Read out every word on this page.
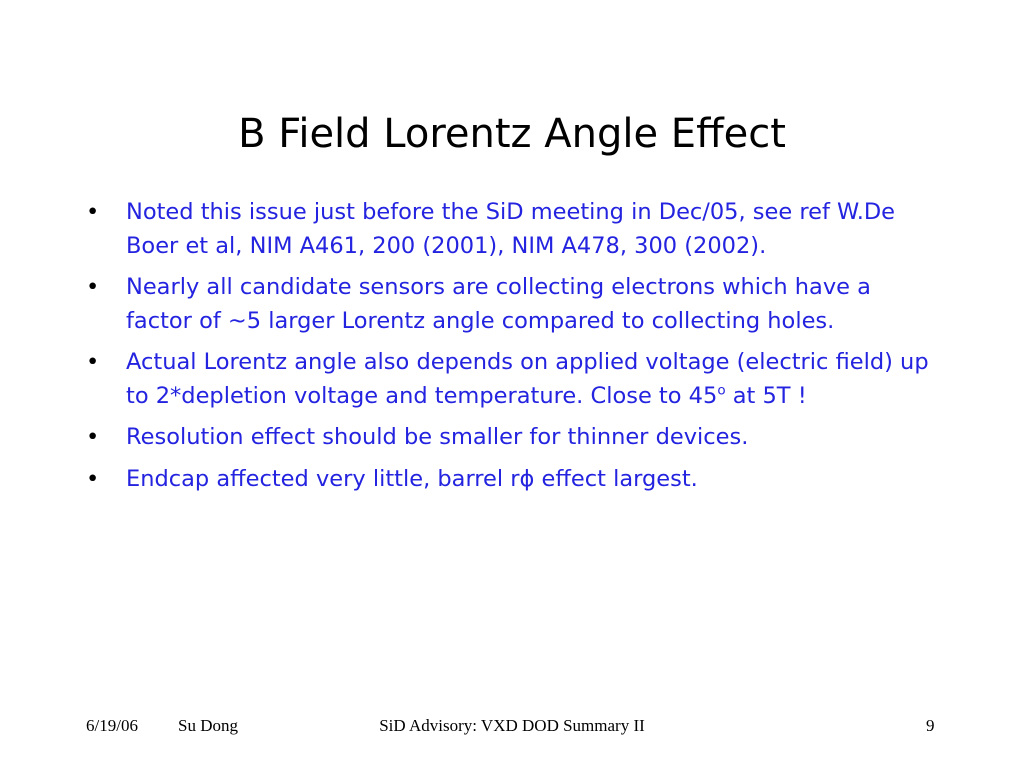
B Field Lorentz Angle Effect
• Noted this issue just before the SiD meeting in Dec/05, see ref W.De Boer et al, NIM A461, 200 (2001), NIM A478, 300 (2002).
• Nearly all candidate sensors are collecting electrons which have a factor of ~5 larger Lorentz angle compared to collecting holes.
• Actual Lorentz angle also depends on applied voltage (electric field) up to 2*depletion voltage and temperature. Close to 45$^o$ at 5T !
• Resolution effect should be smaller for thinner devices.
• Endcap affected very little, barrel rϕ effect largest.
6/19/06 Su Dong	SiD Advisory: VXD DOD Summary II	9
